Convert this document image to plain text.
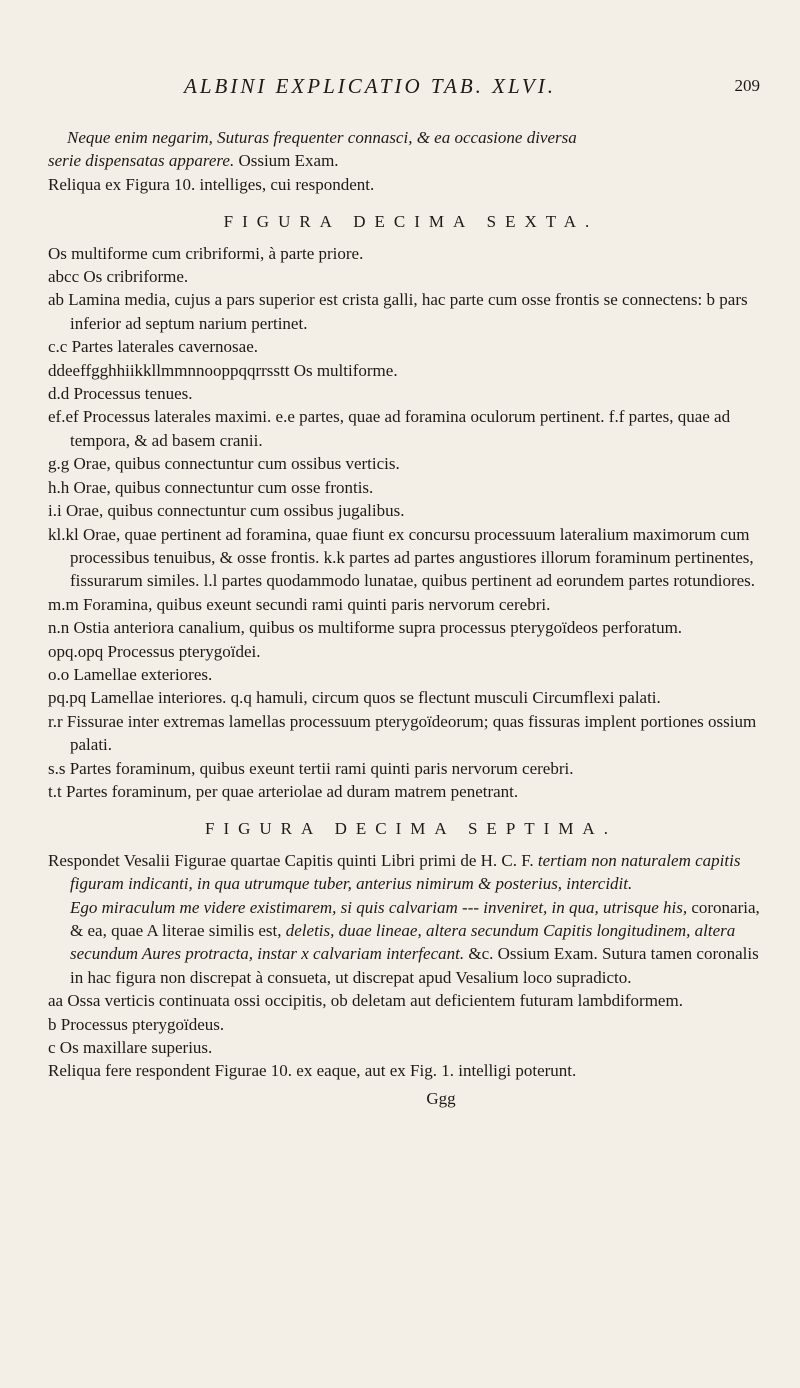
ALBINI EXPLICATIO TAB. XLVI.	209

Neque enim negarim, Suturas frequenter connasci, & ea occasione diversa

serie dispensatas apparere. Ossium Exam.

Reliqua ex Figura 10. intelliges, cui respondent.

FIGURA DECIMA SEXTA.

Os multiforme cum cribriformi, à parte priore.

abcc Os cribriforme.

ab Lamina media, cujus a pars superior est crista galli, hac parte cum osse frontis se connectens: b pars inferior ad septum narium pertinet.

c.c Partes laterales cavernosae.

ddeeffgghhiikkllmmnnooppqqrrsstt Os multiforme.

d.d Processus tenues.

ef.ef Processus laterales maximi. e.e partes, quae ad foramina oculorum pertinent. f.f partes, quae ad tempora, & ad basem cranii.

g.g Orae, quibus connectuntur cum ossibus verticis.

h.h Orae, quibus connectuntur cum osse frontis.

i.i Orae, quibus connectuntur cum ossibus jugalibus.

kl.kl Orae, quae pertinent ad foramina, quae fiunt ex concursu processuum lateralium maximorum cum processibus tenuibus, & osse frontis. k.k partes ad partes angustiores illorum foraminum pertinentes, fissurarum similes. l.l partes quodammodo lunatae, quibus pertinent ad eorundem partes rotundiores.

m.m Foramina, quibus exeunt secundi rami quinti paris nervorum cerebri.

n.n Ostia anteriora canalium, quibus os multiforme supra processus pterygoïdeos perforatum.

opq.opq Processus pterygoïdei.

o.o Lamellae exteriores.

pq.pq Lamellae interiores. q.q hamuli, circum quos se flectunt musculi Circumflexi palati.

r.r Fissurae inter extremas lamellas processuum pterygoïdeorum; quas fissuras implent portiones ossium palati.

s.s Partes foraminum, quibus exeunt tertii rami quinti paris nervorum cerebri.

t.t Partes foraminum, per quae arteriolae ad duram matrem penetrant.

FIGURA DECIMA SEPTIMA.

Respondet Vesalii Figurae quartae Capitis quinti Libri primi de H. C. F. tertiam non naturalem capitis figuram indicanti, in qua utrumque tuber, anterius nimirum & posterius, intercidit.

Ego miraculum me videre existimarem, si quis calvariam --- inveniret, in qua, utrisque his, coronaria, & ea, quae A literae similis est, deletis, duae lineae, altera secundum Capitis longitudinem, altera secundum Aures protracta, instar x calvariam interfecant. &c. Ossium Exam. Sutura tamen coronalis in hac figura non discrepat à consueta, ut discrepat apud Vesalium loco supradicto.

aa Ossa verticis continuata ossi occipitis, ob deletam aut deficientem futuram lambdiformem.

b Processus pterygoïdeus.

c Os maxillare superius.

Reliqua fere respondent Figurae 10. ex eaque, aut ex Fig. 1. intelligi poterunt.

Ggg
